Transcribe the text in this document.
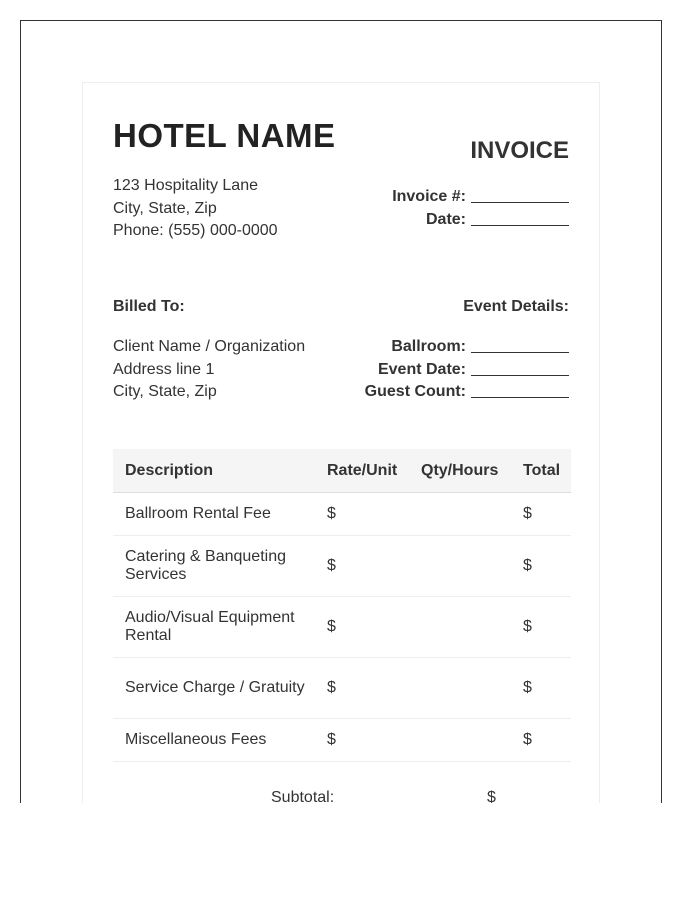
HOTEL NAME	INVOICE
123 Hospitality Lane
City, State, Zip
Phone: (555) 000-0000
Invoice #:
Date:
Billed To:	Event Details:
Client Name / Organization
Address line 1
City, State, Zip
Ballroom:
Event Date:
Guest Count:
Description	Rate/Unit	Qty/Hours	Total
Ballroom Rental Fee	$		$
Catering & Banqueting Services	$		$
Audio/Visual Equipment Rental	$		$
Service Charge / Gratuity	$		$
Miscellaneous Fees	$		$
Subtotal:	$
